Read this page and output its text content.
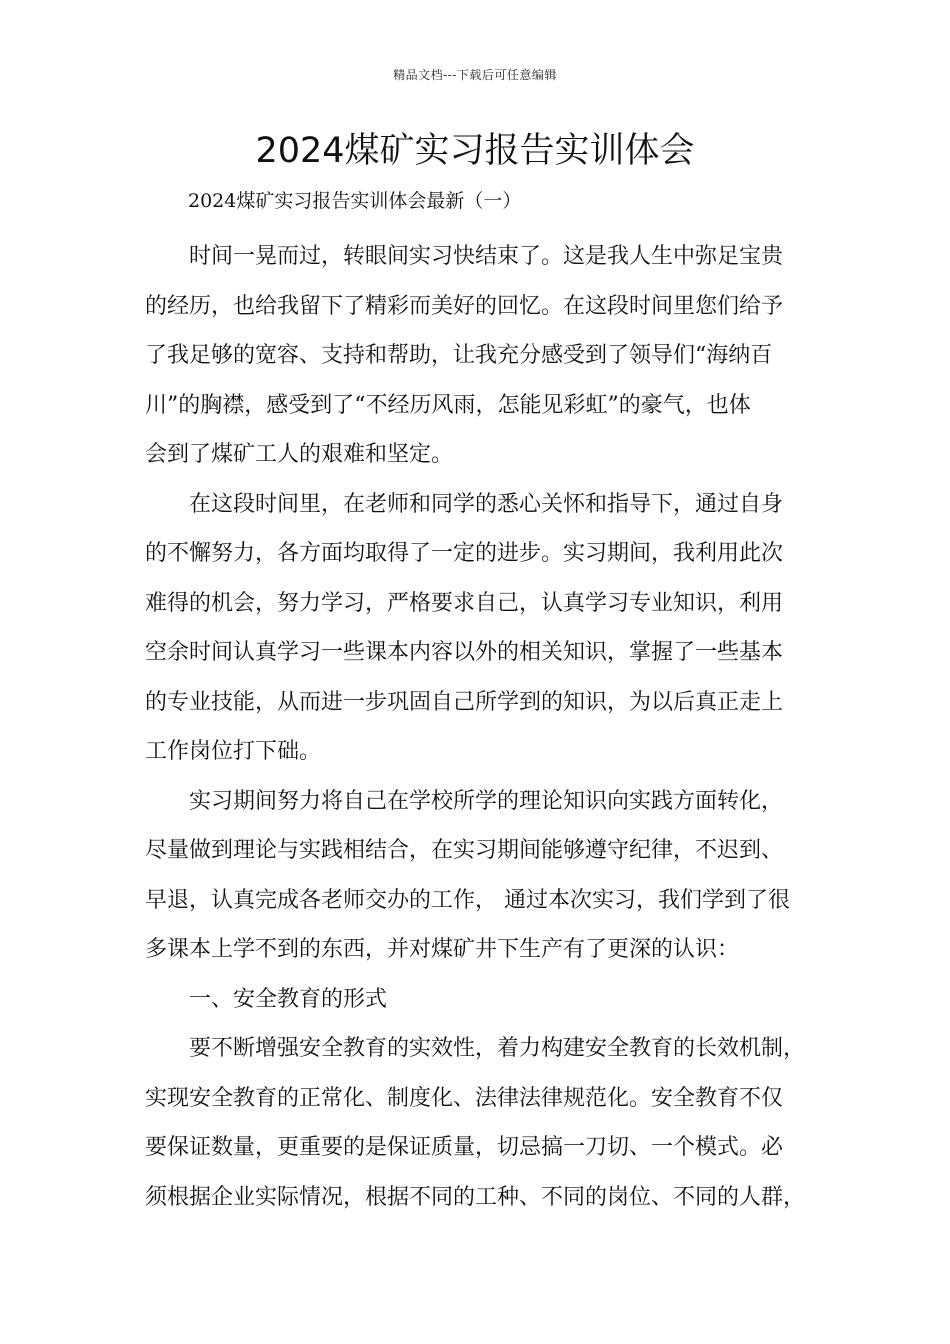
精品文档---下载后可任意编辑
2024煤矿实习报告实训体会
2024煤矿实习报告实训体会最新（一）
时间一晃而过，转眼间实习快结束了。这是我人生中弥足宝贵
的经历，也给我留下了精彩而美好的回忆。在这段时间里您们给予
了我足够的宽容、支持和帮助，让我充分感受到了领导们“海纳百
川”的胸襟，感受到了“不经历风雨，怎能见彩虹”的豪气，也体
会到了煤矿工人的艰难和坚定。
在这段时间里，在老师和同学的悉心关怀和指导下，通过自身
的不懈努力，各方面均取得了一定的进步。实习期间，我利用此次
难得的机会，努力学习，严格要求自己，认真学习专业知识，利用
空余时间认真学习一些课本内容以外的相关知识，掌握了一些基本
的专业技能，从而进一步巩固自己所学到的知识，为以后真正走上
工作岗位打下础。
实习期间努力将自己在学校所学的理论知识向实践方面转化，
尽量做到理论与实践相结合，在实习期间能够遵守纪律，不迟到、
早退，认真完成各老师交办的工作， 通过本次实习，我们学到了很
多课本上学不到的东西，并对煤矿井下生产有了更深的认识：
一、安全教育的形式
要不断增强安全教育的实效性，着力构建安全教育的长效机制，
实现安全教育的正常化、制度化、法律法律规范化。安全教育不仅
要保证数量，更重要的是保证质量，切忌搞一刀切、一个模式。必
须根据企业实际情况，根据不同的工种、不同的岗位、不同的人群，
